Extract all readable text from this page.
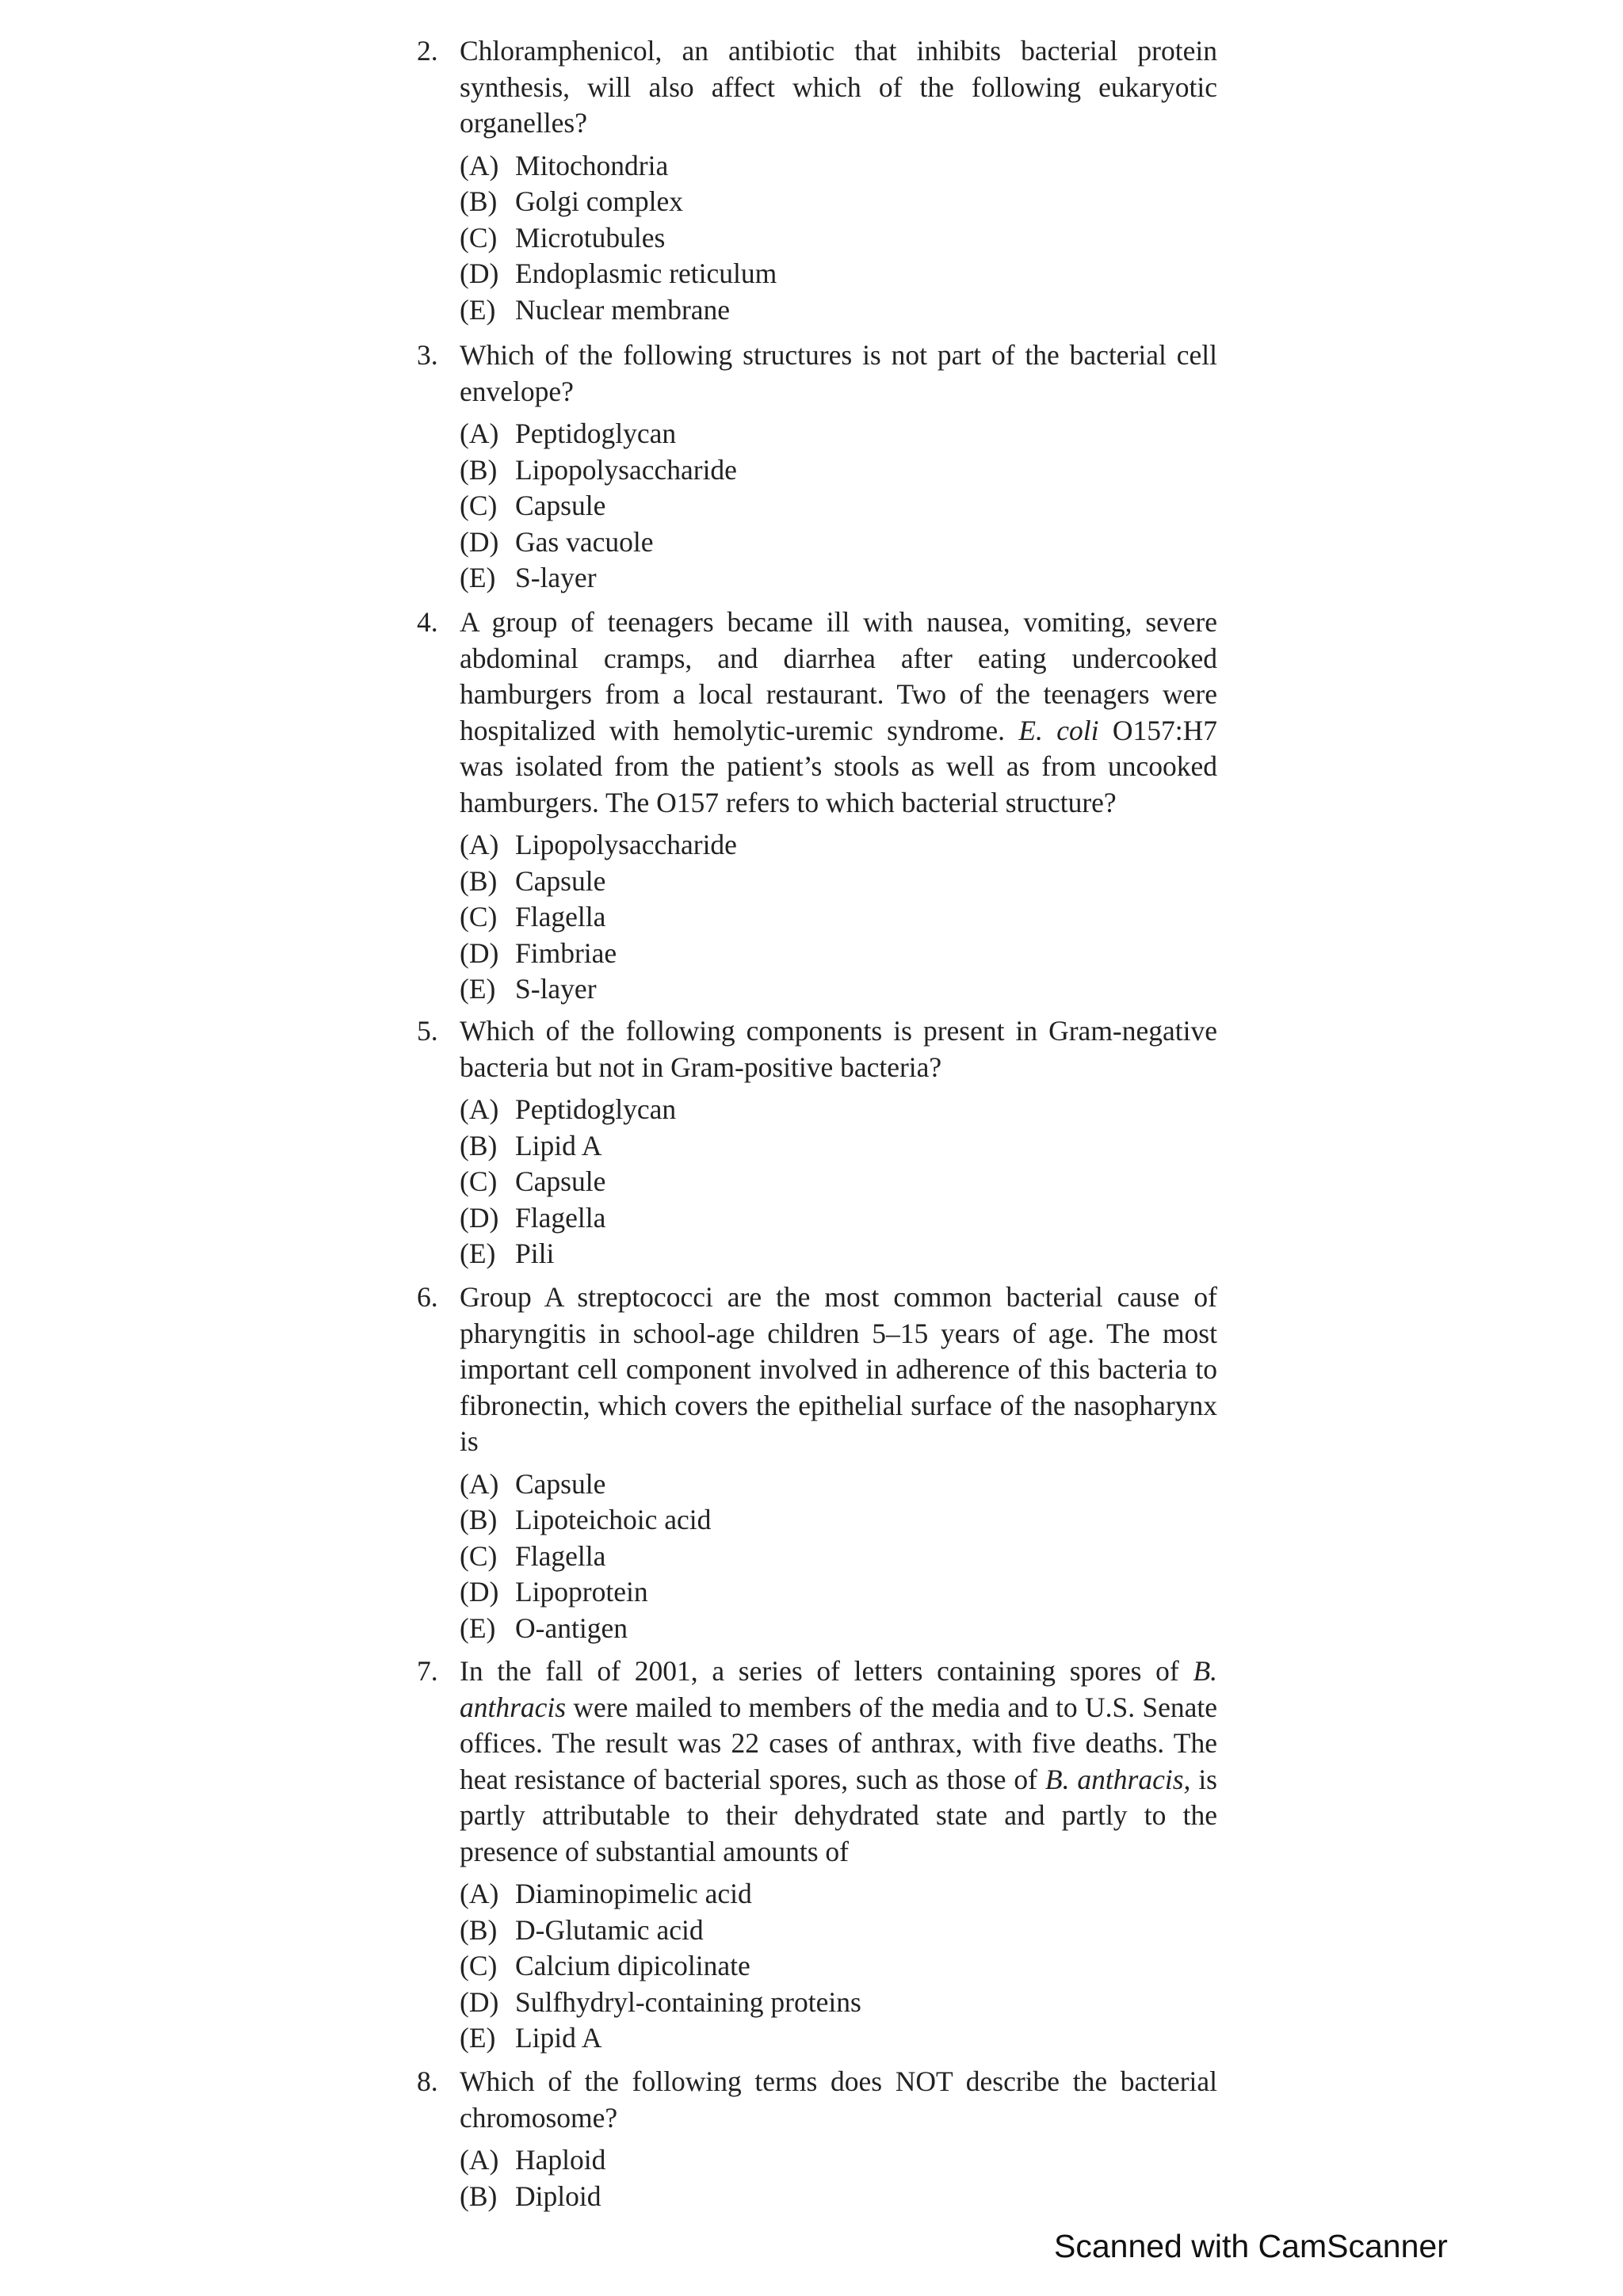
2. Chloramphenicol, an antibiotic that inhibits bacterial protein synthesis, will also affect which of the following eukaryotic organelles?
(A) Mitochondria
(B) Golgi complex
(C) Microtubules
(D) Endoplasmic reticulum
(E) Nuclear membrane
3. Which of the following structures is not part of the bacterial cell envelope?
(A) Peptidoglycan
(B) Lipopolysaccharide
(C) Capsule
(D) Gas vacuole
(E) S-layer
4. A group of teenagers became ill with nausea, vomiting, severe abdominal cramps, and diarrhea after eating undercooked hamburgers from a local restaurant. Two of the teenagers were hospitalized with hemolytic-uremic syndrome. E. coli O157:H7 was isolated from the patient’s stools as well as from uncooked hamburgers. The O157 refers to which bacterial structure?
(A) Lipopolysaccharide
(B) Capsule
(C) Flagella
(D) Fimbriae
(E) S-layer
5. Which of the following components is present in Gram-negative bacteria but not in Gram-positive bacteria?
(A) Peptidoglycan
(B) Lipid A
(C) Capsule
(D) Flagella
(E) Pili
6. Group A streptococci are the most common bacterial cause of pharyngitis in school-age children 5–15 years of age. The most important cell component involved in adherence of this bacteria to fibronectin, which covers the epithelial surface of the nasopharynx is
(A) Capsule
(B) Lipoteichoic acid
(C) Flagella
(D) Lipoprotein
(E) O-antigen
7. In the fall of 2001, a series of letters containing spores of B. anthracis were mailed to members of the media and to U.S. Senate offices. The result was 22 cases of anthrax, with five deaths. The heat resistance of bacterial spores, such as those of B. anthracis, is partly attributable to their dehydrated state and partly to the presence of substantial amounts of
(A) Diaminopimelic acid
(B) D-Glutamic acid
(C) Calcium dipicolinate
(D) Sulfhydryl-containing proteins
(E) Lipid A
8. Which of the following terms does NOT describe the bacterial chromosome?
(A) Haploid
(B) Diploid
Scanned with CamScanner
